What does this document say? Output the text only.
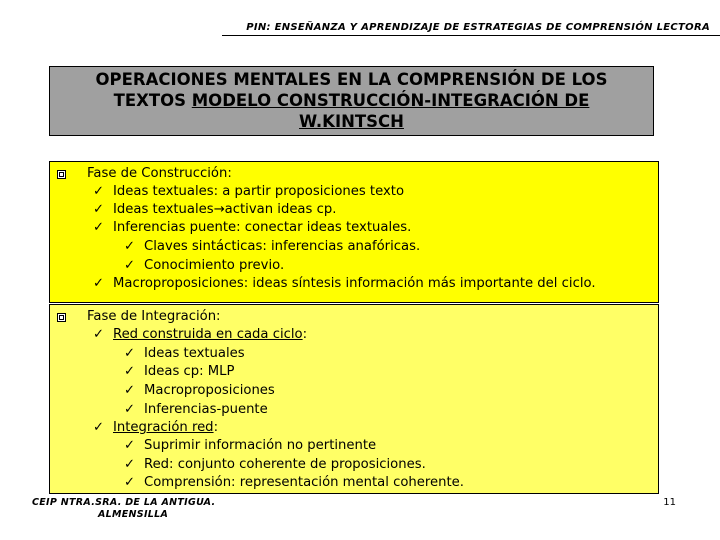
PIN: ENSEÑANZA Y APRENDIZAJE DE ESTRATEGIAS DE COMPRENSIÓN LECTORA
OPERACIONES MENTALES EN LA COMPRENSIÓN DE LOS
TEXTOS MODELO CONSTRUCCIÓN-INTEGRACIÓN DE
W.KINTSCH
Fase de Construcción:
✓ Ideas textuales: a partir proposiciones texto
✓ Ideas textuales→activan ideas cp.
✓ Inferencias puente: conectar ideas textuales.
✓ Claves sintácticas: inferencias anafóricas.
✓ Conocimiento previo.
✓ Macroproposiciones: ideas síntesis información más importante del ciclo.
Fase de Integración:
✓ Red construida en cada ciclo:
✓ Ideas textuales
✓ Ideas cp: MLP
✓ Macroproposiciones
✓ Inferencias-puente
✓ Integración red:
✓ Suprimir información no pertinente
✓ Red: conjunto coherente de proposiciones.
✓ Comprensión: representación mental coherente.
CEIP NTRA.SRA. DE LA ANTIGUA.
ALMENSILLA
11
